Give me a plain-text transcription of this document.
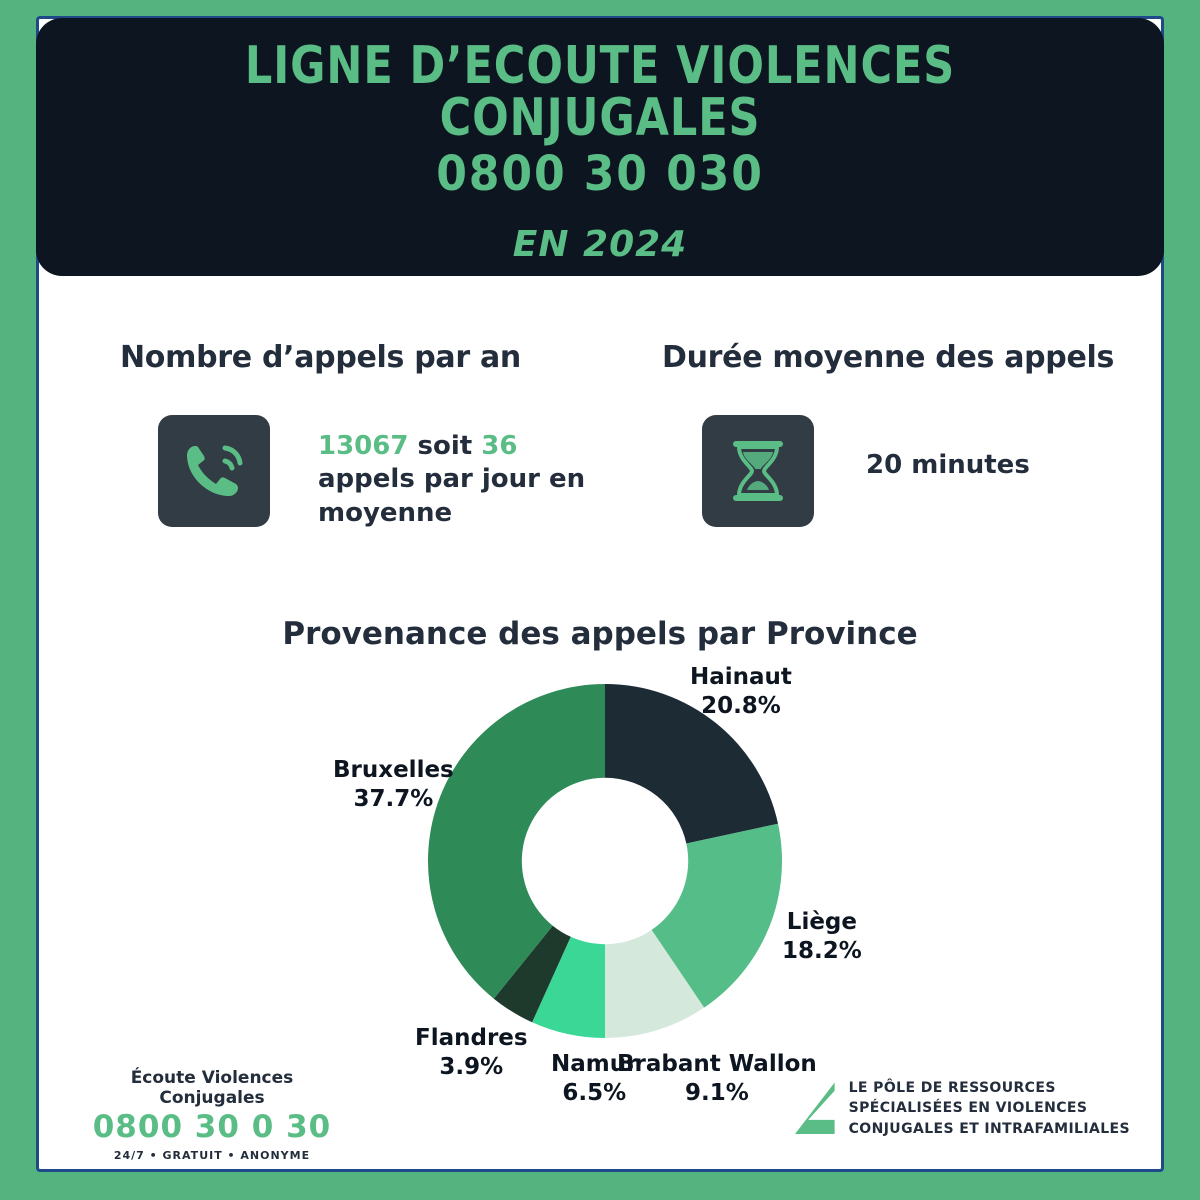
LIGNE D’ECOUTE VIOLENCES
CONJUGALES
0800 30 030
EN 2024
Nombre d’appels par an
13067 soit 36 appels par jour en moyenne
Durée moyenne des appels
20 minutes
Provenance des appels par Province
Hainaut
20.8%
Liège
18.2%
Brabant Wallon
9.1%
Namur
6.5%
Flandres
3.9%
Bruxelles
37.7%
Écoute Violences Conjugales
0800 30 0 30
24/7 • GRATUIT • ANONYME
LE PÔLE DE RESSOURCES
SPÉCIALISÉES EN VIOLENCES
CONJUGALES ET INTRAFAMILIALES
